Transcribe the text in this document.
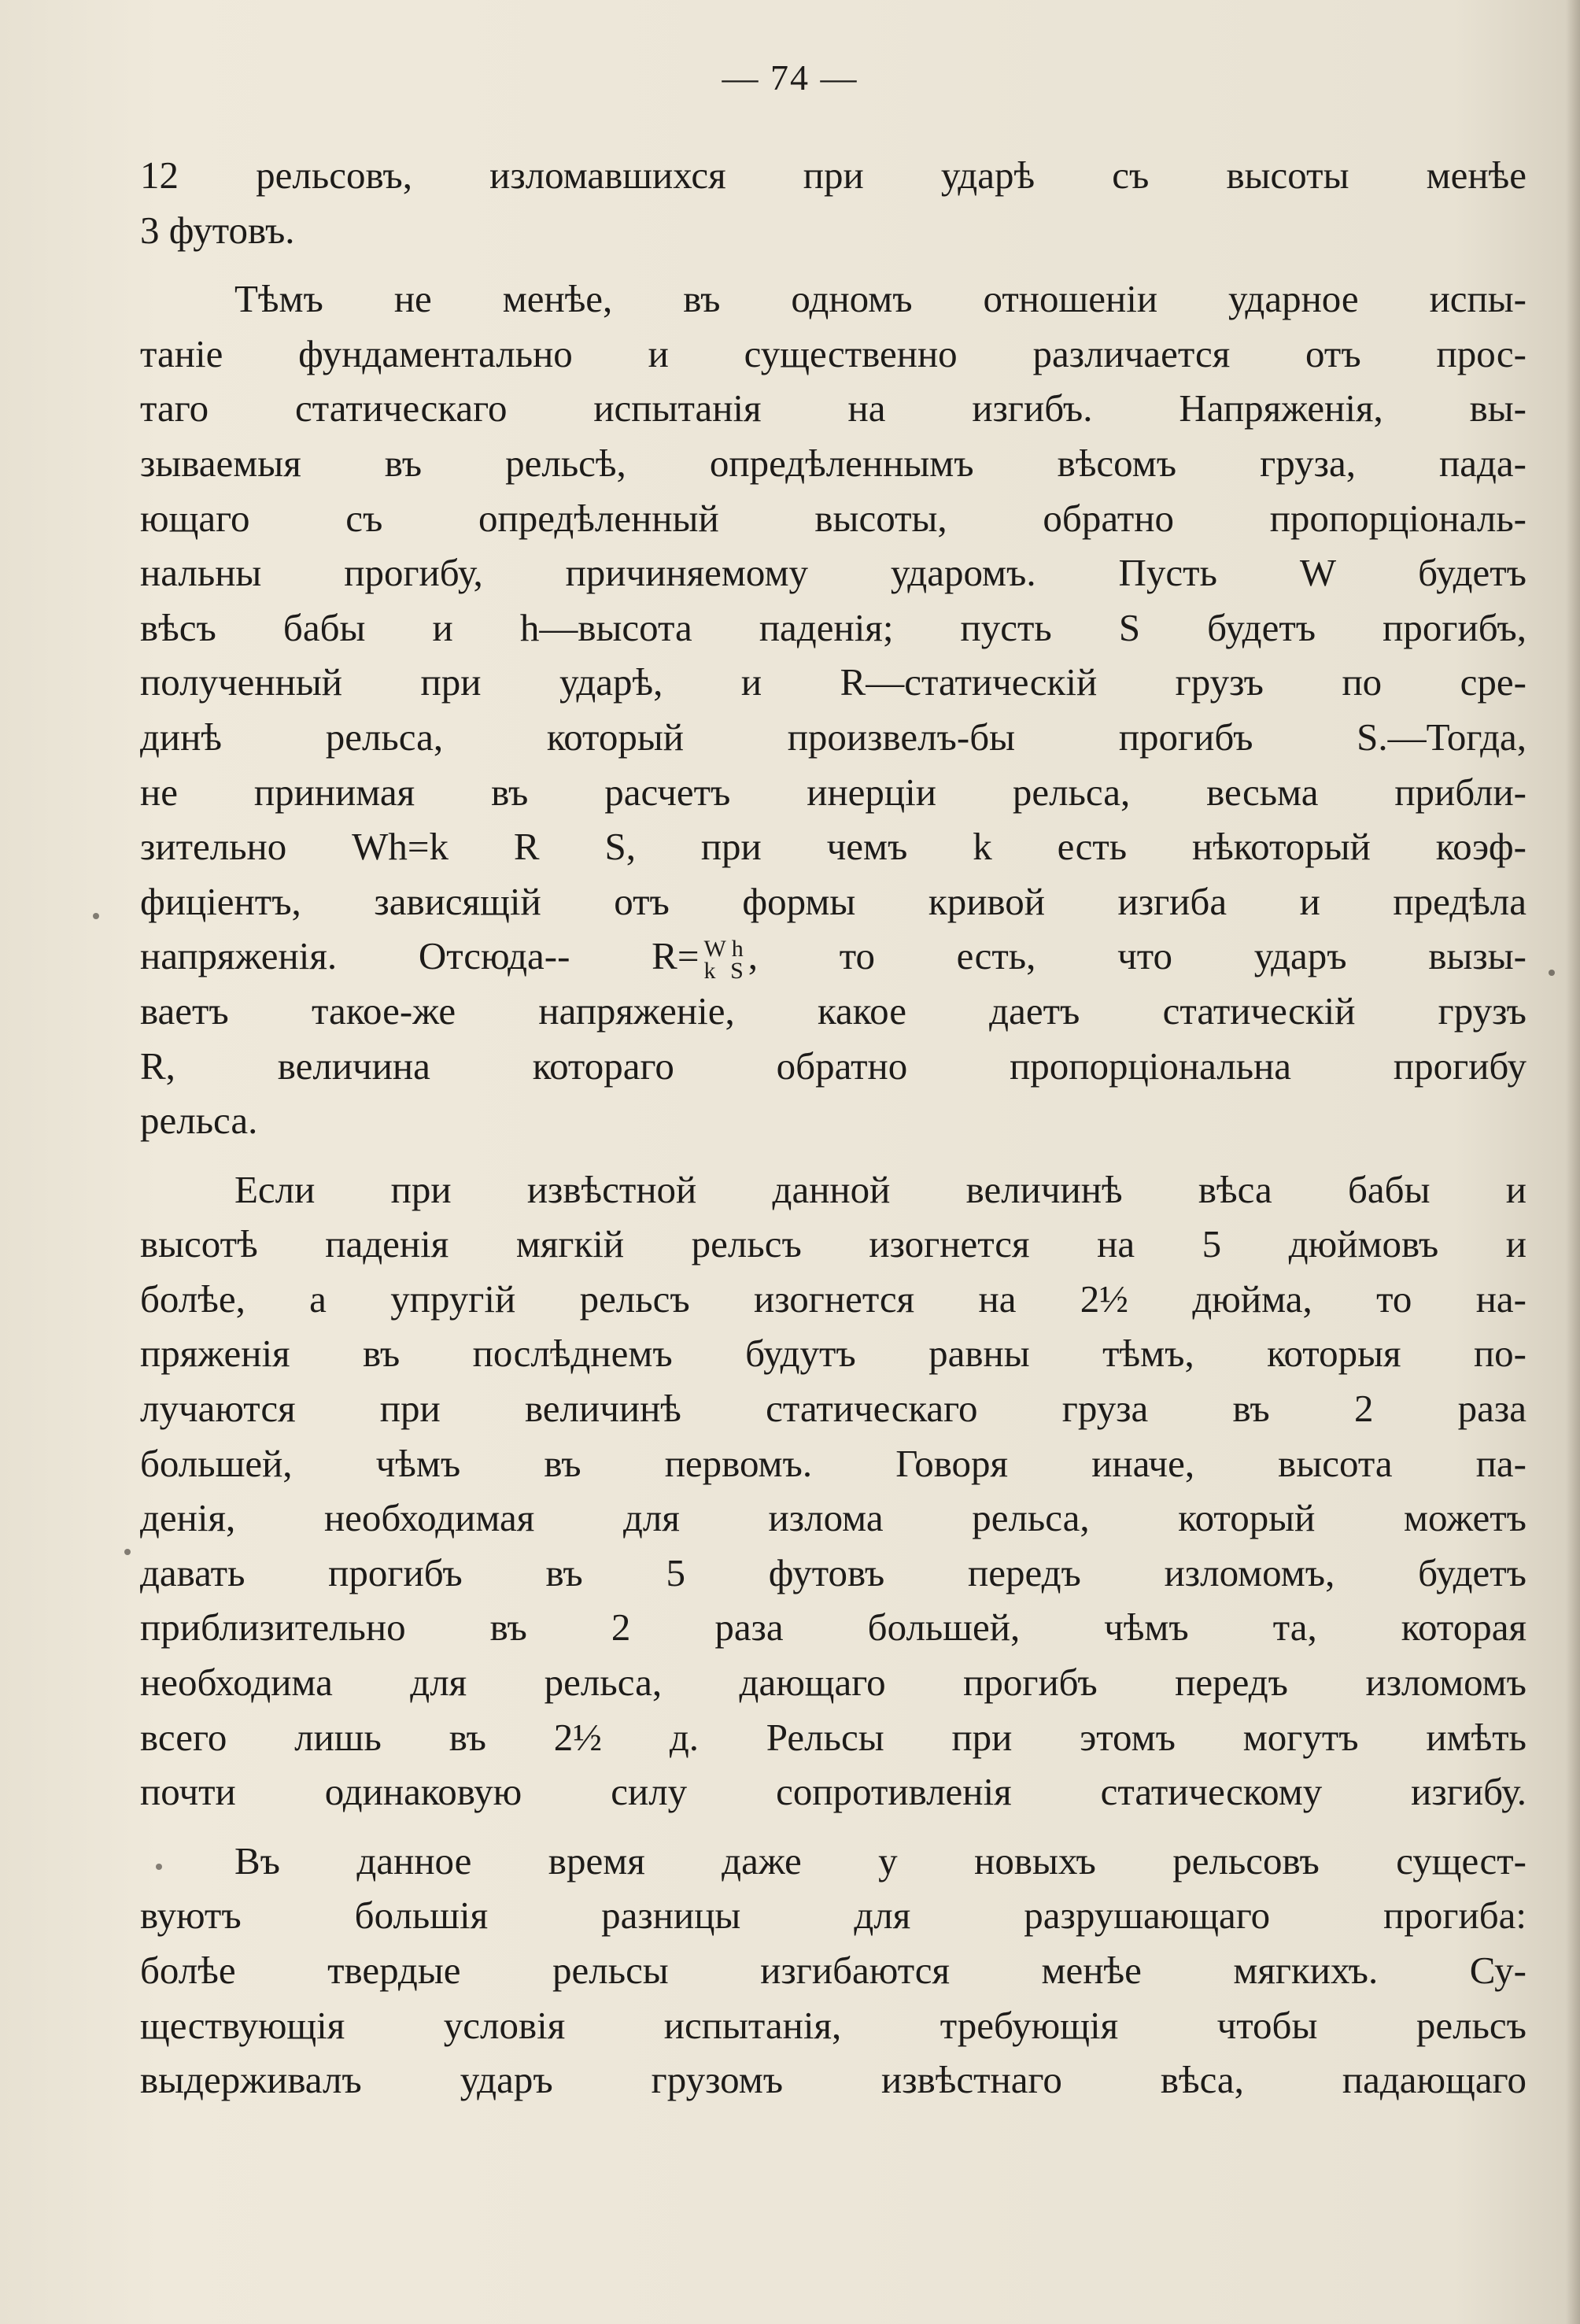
— 74 —
12 рельсовъ, изломавшихся при ударѣ съ высоты менѣе
3 футовъ.
Тѣмъ не менѣе, въ одномъ отношеніи ударное испы-
таніе фундаментально и существенно различается отъ прос-
таго статическаго испытанія на изгибъ. Напряженія, вы-
зываемыя въ рельсѣ, опредѣленнымъ вѣсомъ груза, пада-
ющаго съ опредѣленный высоты, обратно пропорціональ-
нальны прогибу, причиняемому ударомъ. Пусть W будетъ
вѣсъ бабы и h—высота паденія; пусть S будетъ прогибъ,
полученный при ударѣ, и R—статическій грузъ по сре-
динѣ рельса, который произвелъ-бы прогибъ S.—Тогда,
не принимая въ расчетъ инерціи рельса, весьма прибли-
зительно Wh=k R S, при чемъ k есть нѣкоторый коэф-
фиціентъ, зависящій отъ формы кривой изгиба и предѣла
напряженія. Отсюда-- R= W h
k S , то есть, что ударъ вызы-
ваетъ такое-же напряженіе, какое даетъ статическій грузъ
R, величина котораго обратно пропорціональна прогибу
рельса.
Если при извѣстной данной величинѣ вѣса бабы и
высотѣ паденія мягкій рельсъ изогнется на 5 дюймовъ и
болѣе, а упругій рельсъ изогнется на 2½ дюйма, то на-
пряженія въ послѣднемъ будутъ равны тѣмъ, которыя по-
лучаются при величинѣ статическаго груза въ 2 раза
большей, чѣмъ въ первомъ. Говоря иначе, высота па-
денія, необходимая для излома рельса, который можетъ
давать прогибъ въ 5 футовъ передъ изломомъ, будетъ
приблизительно въ 2 раза большей, чѣмъ та, которая
необходима для рельса, дающаго прогибъ передъ изломомъ
всего лишь въ 2½ д. Рельсы при этомъ могутъ имѣть
почти одинаковую силу сопротивленія статическому изгибу.
Въ данное время даже у новыхъ рельсовъ сущест-
вуютъ большія разницы для разрушающаго прогиба:
болѣе твердые рельсы изгибаются менѣе мягкихъ. Су-
ществующія условія испытанія, требующія чтобы рельсъ
выдерживалъ ударъ грузомъ извѣстнаго вѣса, падающаго
